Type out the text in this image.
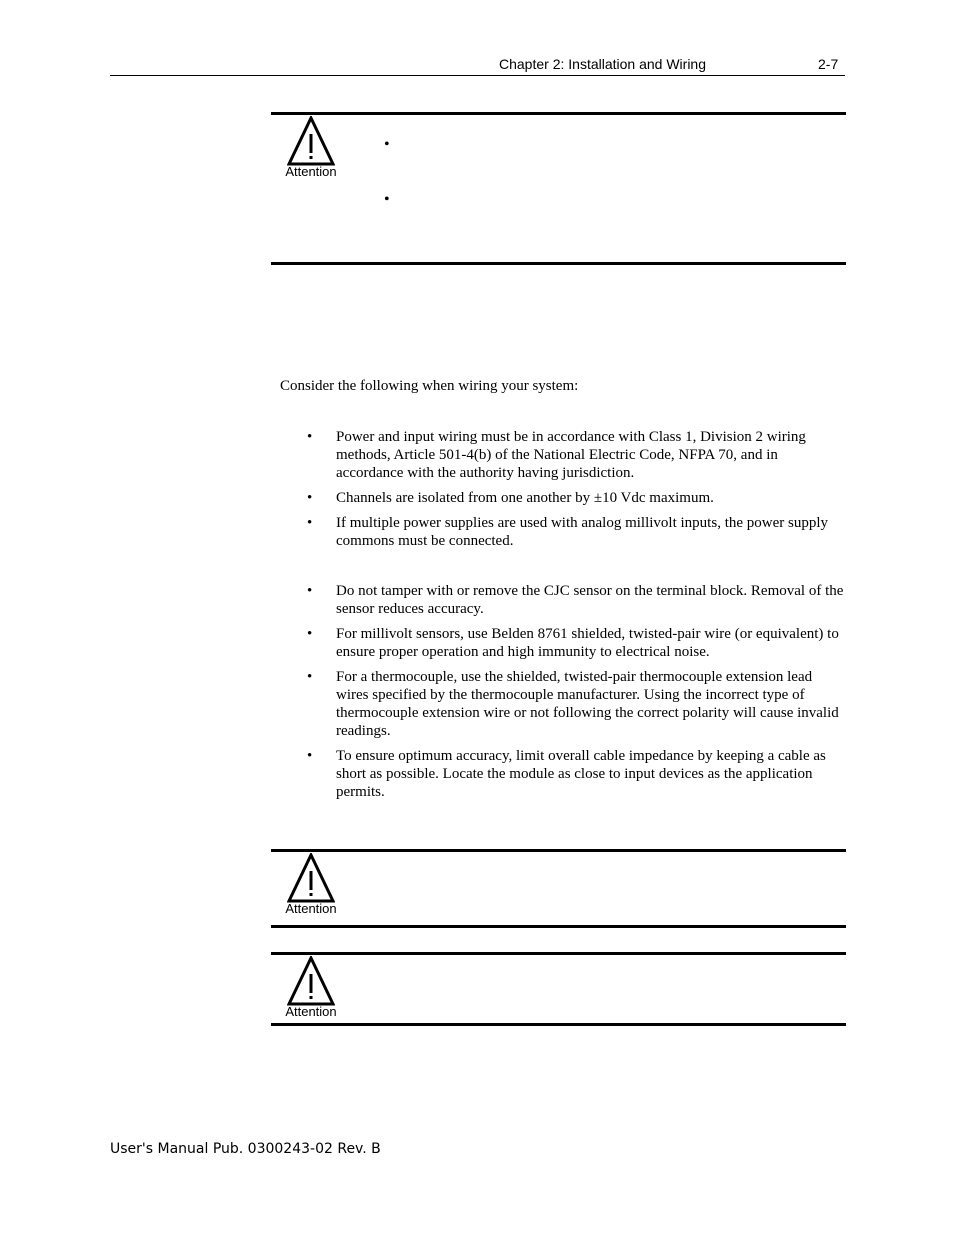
Chapter 2: Installation and Wiring	2-7
Attention
•
•

Consider the following when wiring your system:

• Power and input wiring must be in accordance with Class 1, Division 2 wiring methods, Article 501-4(b) of the National Electric Code, NFPA 70, and in accordance with the authority having jurisdiction.
• Channels are isolated from one another by ±10 Vdc maximum.
• If multiple power supplies are used with analog millivolt inputs, the power supply commons must be connected.
• Do not tamper with or remove the CJC sensor on the terminal block. Removal of the sensor reduces accuracy.
• For millivolt sensors, use Belden 8761 shielded, twisted-pair wire (or equivalent) to ensure proper operation and high immunity to electrical noise.
• For a thermocouple, use the shielded, twisted-pair thermocouple extension lead wires specified by the thermocouple manufacturer. Using the incorrect type of thermocouple extension wire or not following the correct polarity will cause invalid readings.
• To ensure optimum accuracy, limit overall cable impedance by keeping a cable as short as possible. Locate the module as close to input devices as the application permits.
Attention
Attention
User's Manual Pub. 0300243-02 Rev. B
